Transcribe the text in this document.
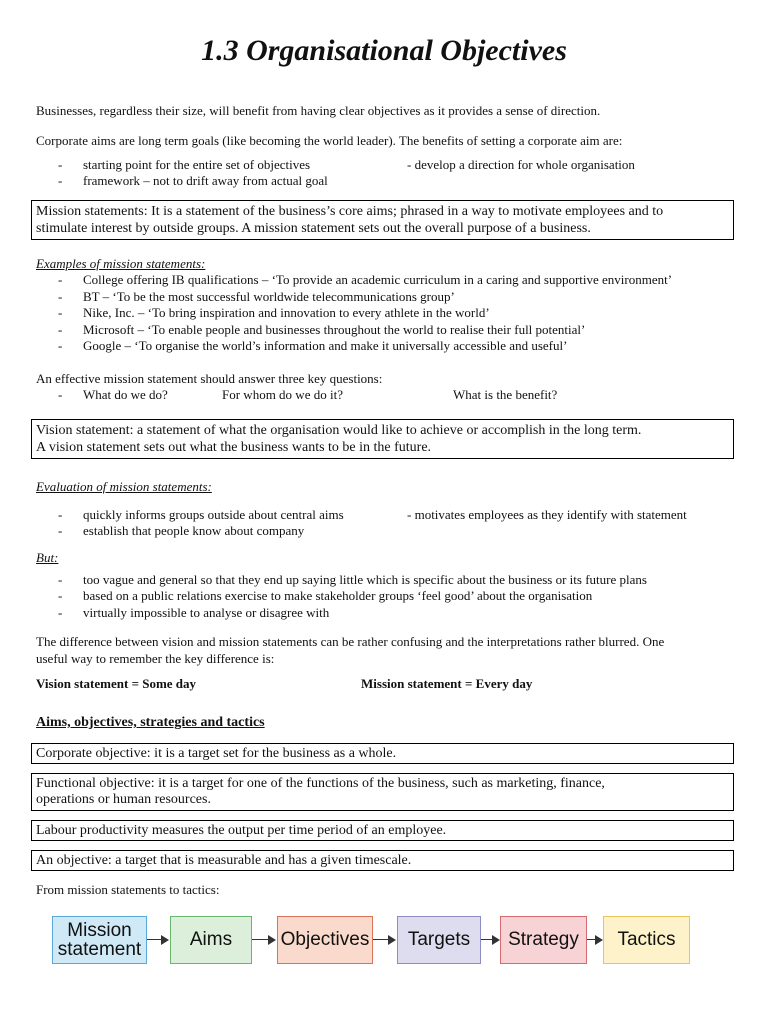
1.3 Organisational Objectives
Businesses, regardless their size, will benefit from having clear objectives as it provides a sense of direction.
Corporate aims are long term goals (like becoming the world leader). The benefits of setting a corporate aim are:
- starting point for the entire set of objectives	- develop a direction for whole organisation
- framework – not to drift away from actual goal
Mission statements: It is a statement of the business’s core aims; phrased in a way to motivate employees and to
stimulate interest by outside groups. A mission statement sets out the overall purpose of a business.
Examples of mission statements:
- College offering IB qualifications – ‘To provide an academic curriculum in a caring and supportive environment’
- BT – ‘To be the most successful worldwide telecommunications group’
- Nike, Inc. – ‘To bring inspiration and innovation to every athlete in the world’
- Microsoft – ‘To enable people and businesses throughout the world to realise their full potential’
- Google – ‘To organise the world’s information and make it universally accessible and useful’
An effective mission statement should answer three key questions:
- What do we do?	For whom do we do it?	What is the benefit?
Vision statement: a statement of what the organisation would like to achieve or accomplish in the long term.
A vision statement sets out what the business wants to be in the future.
Evaluation of mission statements:
- quickly informs groups outside about central aims	- motivates employees as they identify with statement
- establish that people know about company
But:
- too vague and general so that they end up saying little which is specific about the business or its future plans
- based on a public relations exercise to make stakeholder groups ‘feel good’ about the organisation
- virtually impossible to analyse or disagree with
The difference between vision and mission statements can be rather confusing and the interpretations rather blurred. One
useful way to remember the key difference is:
Vision statement = Some day	Mission statement = Every day
Aims, objectives, strategies and tactics
Corporate objective: it is a target set for the business as a whole.
Functional objective: it is a target for one of the functions of the business, such as marketing, finance,
operations or human resources.
Labour productivity measures the output per time period of an employee.
An objective: a target that is measurable and has a given timescale.
From mission statements to tactics:
Mission
statement	Aims	Objectives	Targets	Strategy	Tactics
